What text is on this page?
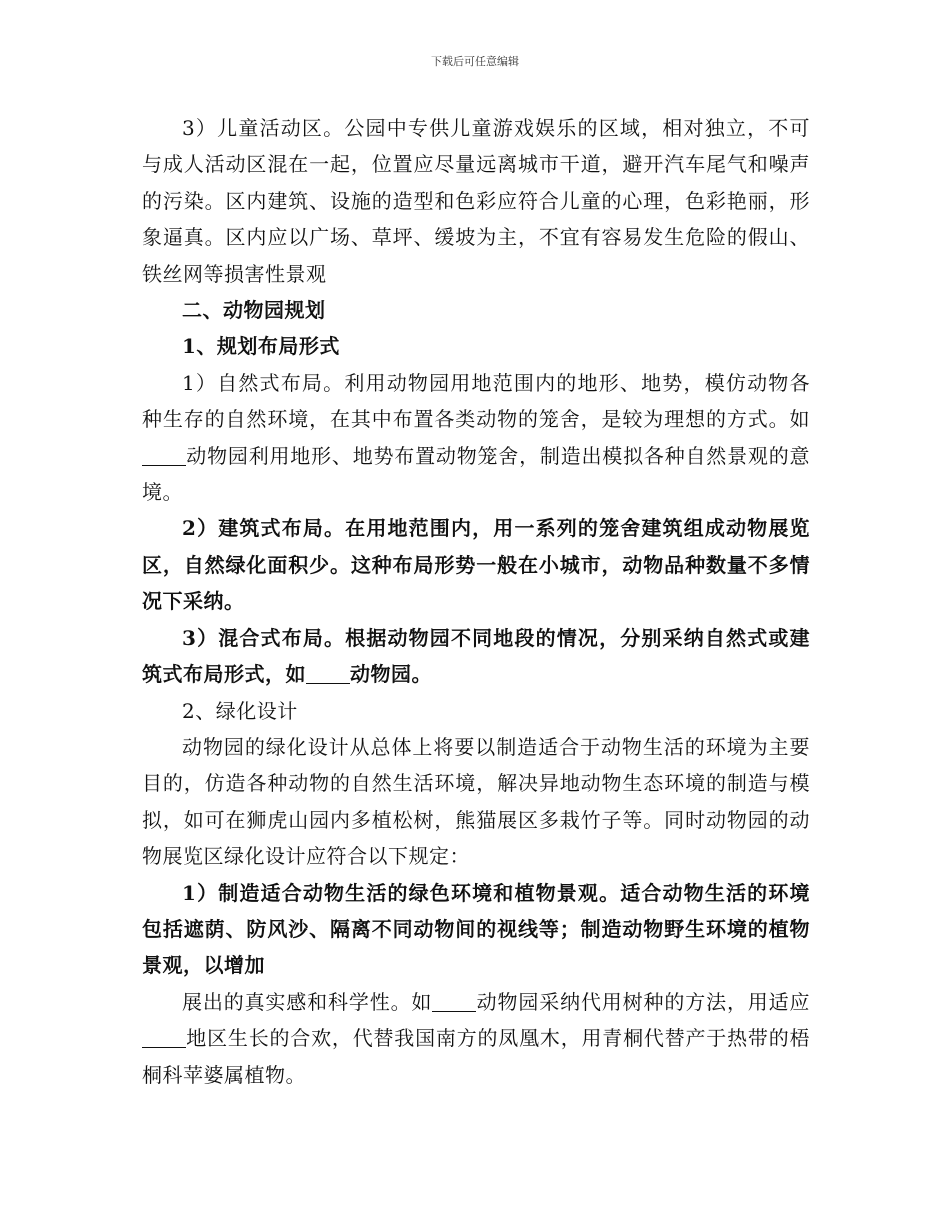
下载后可任意编辑

3）儿童活动区。公园中专供儿童游戏娱乐的区域，相对独立，不可与成人活动区混在一起，位置应尽量远离城市干道，避开汽车尾气和噪声的污染。区内建筑、设施的造型和色彩应符合儿童的心理，色彩艳丽，形象逼真。区内应以广场、草坪、缓坡为主，不宜有容易发生危险的假山、铁丝网等损害性景观

二、动物园规划

1、规划布局形式

1）自然式布局。利用动物园用地范围内的地形、地势，模仿动物各种生存的自然环境，在其中布置各类动物的笼舍，是较为理想的方式。如动物园利用地形、地势布置动物笼舍，制造出模拟各种自然景观的意境。

2）建筑式布局。在用地范围内，用一系列的笼舍建筑组成动物展览区，自然绿化面积少。这种布局形势一般在小城市，动物品种数量不多情况下采纳。

3）混合式布局。根据动物园不同地段的情况，分别采纳自然式或建筑式布局形式，如 动物园。

2、绿化设计

动物园的绿化设计从总体上将要以制造适合于动物生活的环境为主要目的，仿造各种动物的自然生活环境，解决异地动物生态环境的制造与模拟，如可在狮虎山园内多植松树，熊猫展区多栽竹子等。同时动物园的动物展览区绿化设计应符合以下规定：

1）制造适合动物生活的绿色环境和植物景观。适合动物生活的环境包括遮荫、防风沙、隔离不同动物间的视线等；制造动物野生环境的植物景观，以增加

展出的真实感和科学性。如 动物园采纳代用树种的方法，用适应地区生长的合欢，代替我国南方的凤凰木，用青桐代替产于热带的梧桐科苹婆属植物。
